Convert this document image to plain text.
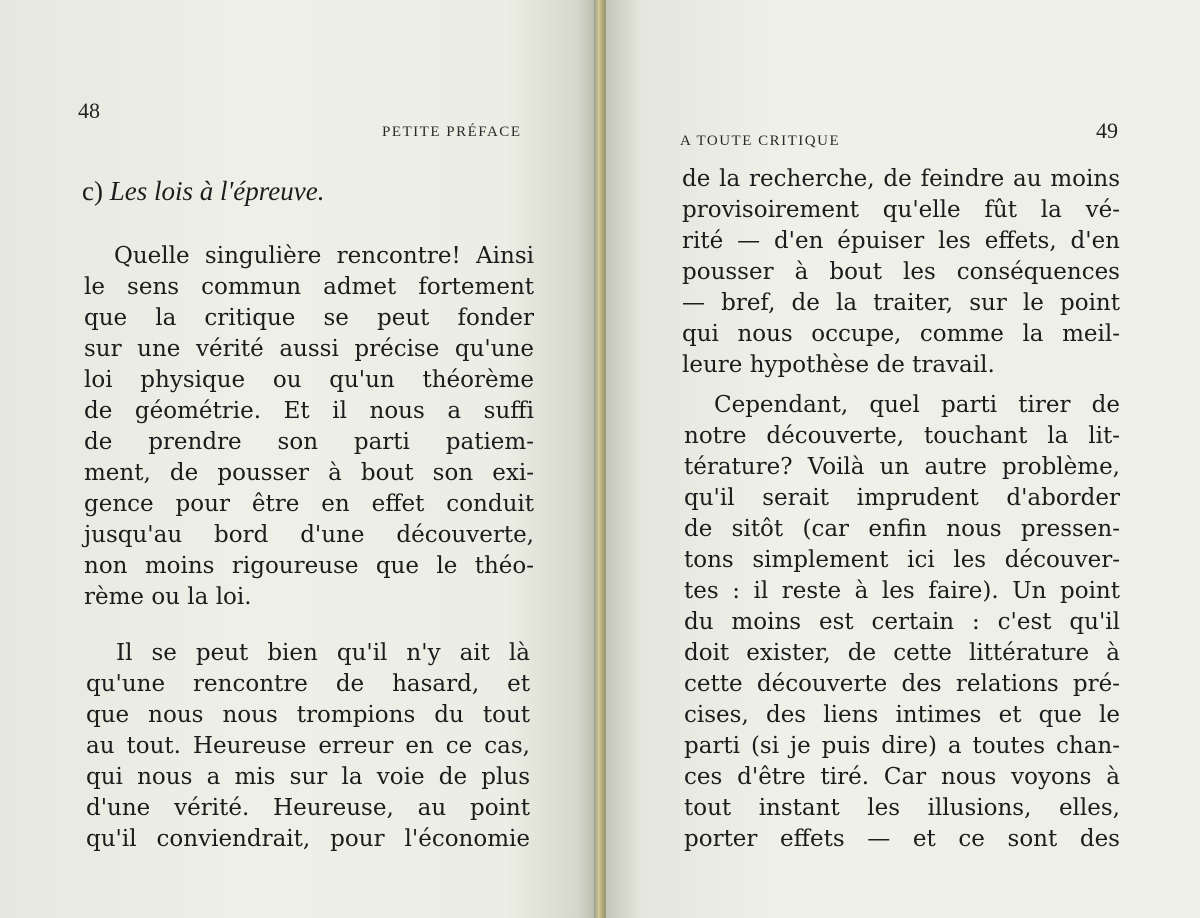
48
PETITE PRÉFACE
c) Les lois à l'épreuve.
Quelle singulière rencontre! Ainsi
le sens commun admet fortement
que la critique se peut fonder
sur une vérité aussi précise qu'une
loi physique ou qu'un théorème
de géométrie. Et il nous a suffi
de prendre son parti patiem-
ment, de pousser à bout son exi-
gence pour être en effet conduit
jusqu'au bord d'une découverte,
non moins rigoureuse que le théo-
rème ou la loi.
Il se peut bien qu'il n'y ait là
qu'une rencontre de hasard, et
que nous nous trompions du tout
au tout. Heureuse erreur en ce cas,
qui nous a mis sur la voie de plus
d'une vérité. Heureuse, au point
qu'il conviendrait, pour l'économie
A TOUTE CRITIQUE	49
de la recherche, de feindre au moins
provisoirement qu'elle fût la vé-
rité — d'en épuiser les effets, d'en
pousser à bout les conséquences
— bref, de la traiter, sur le point
qui nous occupe, comme la meil-
leure hypothèse de travail.
Cependant, quel parti tirer de
notre découverte, touchant la lit-
térature? Voilà un autre problème,
qu'il serait imprudent d'aborder
de sitôt (car enfin nous pressen-
tons simplement ici les découver-
tes : il reste à les faire). Un point
du moins est certain : c'est qu'il
doit exister, de cette littérature à
cette découverte des relations pré-
cises, des liens intimes et que le
parti (si je puis dire) a toutes chan-
ces d'être tiré. Car nous voyons à
tout instant les illusions, elles,
porter effets — et ce sont des
